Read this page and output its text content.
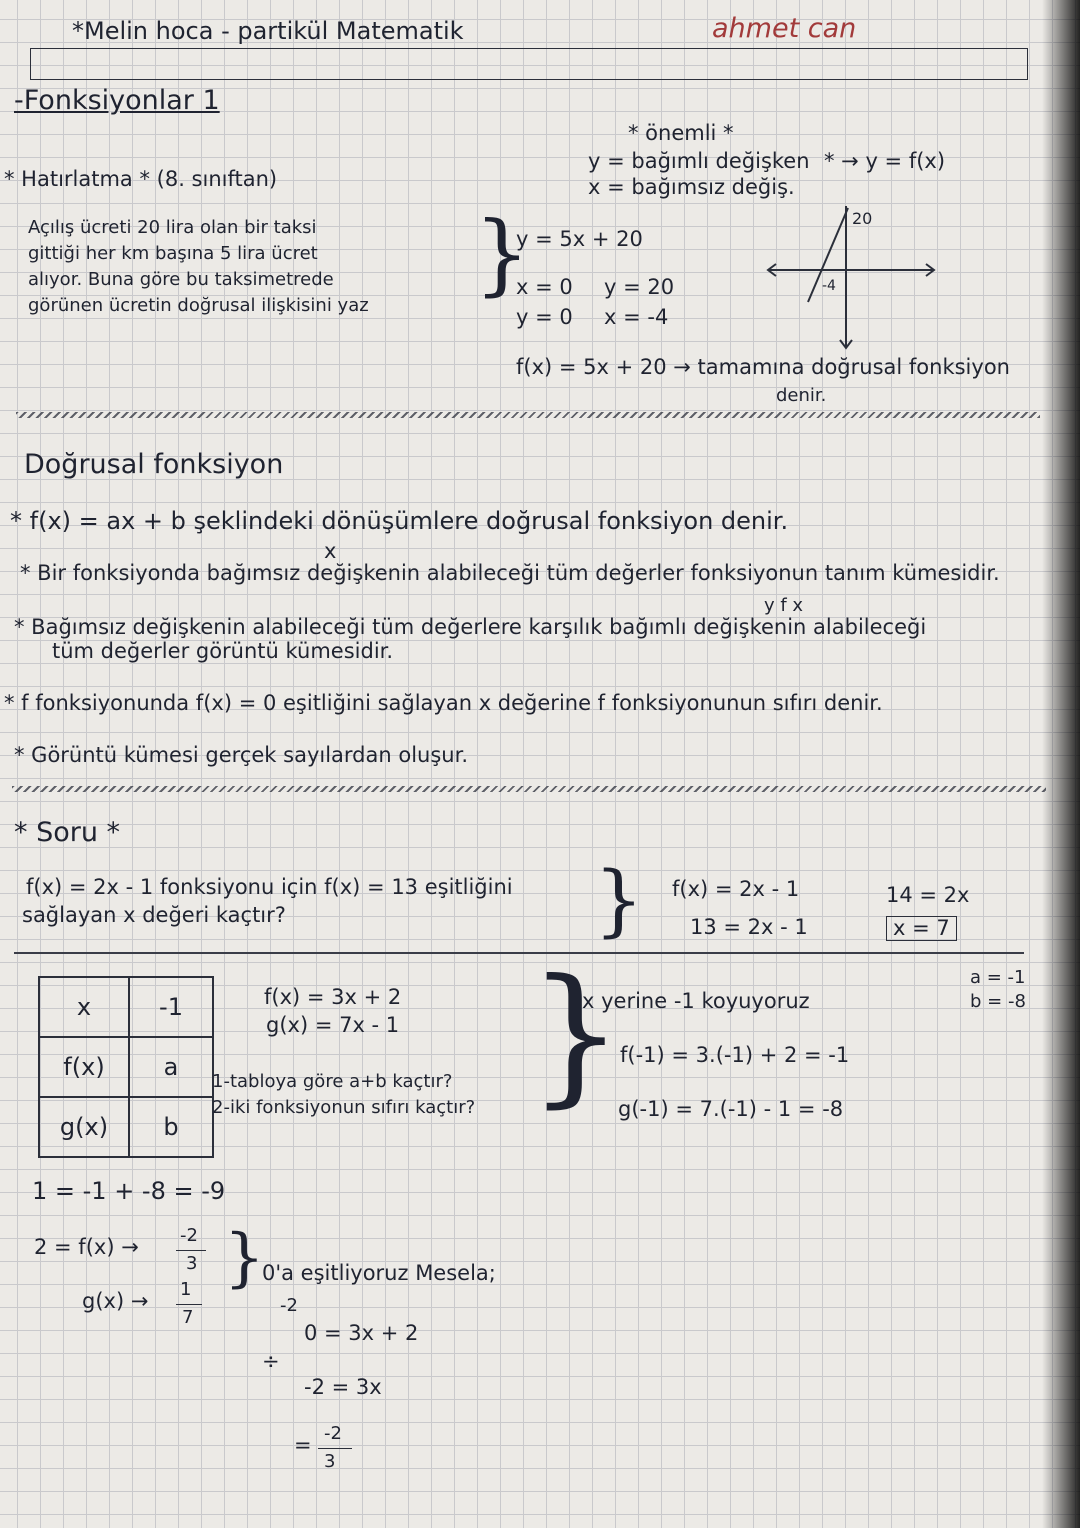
*Melin hoca - partikül Matematik	ahmet can
-Fonksiyonlar 1
* Hatırlatma * (8. sınıftan)
* önemli *
y = bağımlı değişken
x = bağımsız değiş.
* → y = f(x)
Açılış ücreti 20 lira olan bir taksi
gittiği her km başına 5 lira ücret
alıyor. Buna göre bu taksimetrede
görünen ücretin doğrusal ilişkisini yaz
}
y = 5x + 20
x = 0 y = 20
y = 0 x = -4
20
-4
f(x) = 5x + 20 → tamamına doğrusal fonksiyon
denir.
Doğrusal fonksiyon
x
y f x
* f(x) = ax + b şeklindeki dönüşümlere doğrusal fonksiyon denir.
* Bir fonksiyonda bağımsız değişkenin alabileceği tüm değerler fonksiyonun tanım kümesidir.
* Bağımsız değişkenin alabileceği tüm değerlere karşılık bağımlı değişkenin alabileceği
tüm değerler görüntü kümesidir.
* f fonksiyonunda f(x) = 0 eşitliğini sağlayan x değerine f fonksiyonunun sıfırı denir.
* Görüntü kümesi gerçek sayılardan oluşur.
* Soru *
f(x) = 2x - 1 fonksiyonu için f(x) = 13 eşitliğini
sağlayan x değeri kaçtır?	} f(x) = 2x - 1
13 = 2x - 1
14 = 2x
x = 7
x	-1
f(x)	a
g(x)	b
f(x) = 3x + 2
g(x) = 7x - 1
1-tabloya göre a+b kaçtır?
2-iki fonksiyonun sıfırı kaçtır? }
x yerine -1 koyuyoruz
f(-1) = 3.(-1) + 2 = -1
g(-1) = 7.(-1) - 1 = -8
a = -1
b = -8
1 = -1 + -8 = -9
2 = f(x) → -2
3
g(x) → 1
7
}
0'a eşitliyoruz Mesela;
-2
0 = 3x + 2
÷
-2 = 3x
= -2
3
